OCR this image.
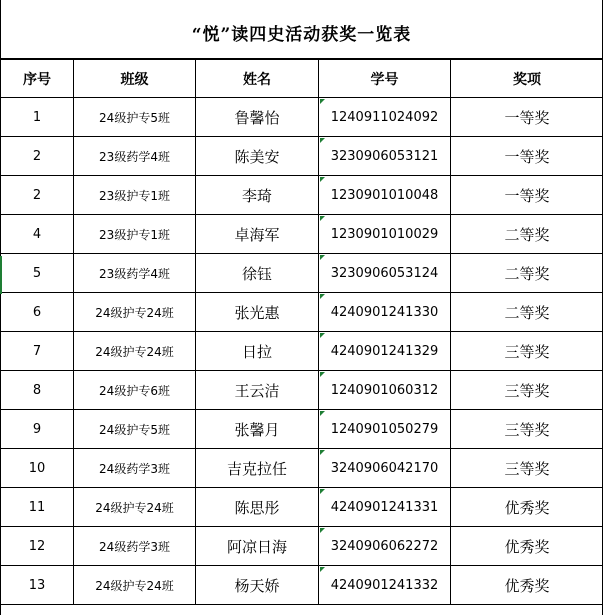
“悦”读四史活动获奖一览表
序号	班级	姓名	学号	奖项
1	24级护专5班	鲁馨怡	1240911024092	一等奖
2	23级药学4班	陈美安	3230906053121	一等奖
2	23级护专1班	李琦	1230901010048	一等奖
4	23级护专1班	卓海军	1230901010029	二等奖
5	23级药学4班	徐钰	3230906053124	二等奖
6	24级护专24班	张光惠	4240901241330	二等奖
7	24级护专24班	日拉	4240901241329	三等奖
8	24级护专6班	王云洁	1240901060312	三等奖
9	24级护专5班	张馨月	1240901050279	三等奖
10	24级药学3班	吉克拉任	3240906042170	三等奖
11	24级护专24班	陈思彤	4240901241331	优秀奖
12	24级药学3班	阿凉日海	3240906062272	优秀奖
13	24级护专24班	杨天娇	4240901241332	优秀奖
